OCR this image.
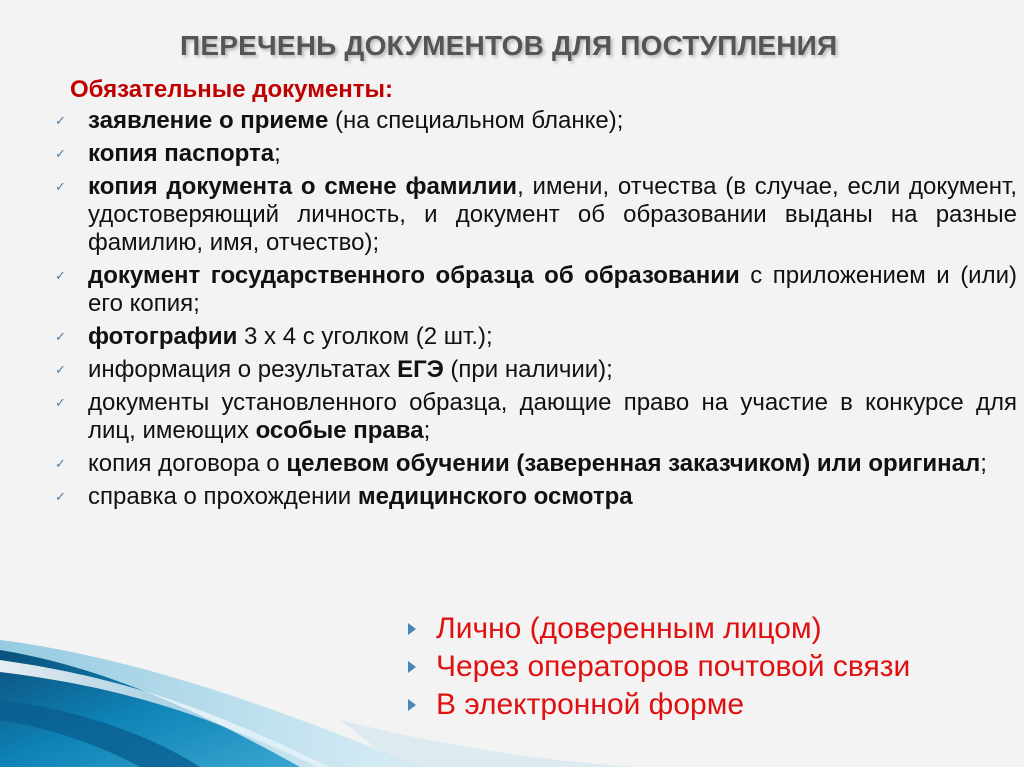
ПЕРЕЧЕНЬ ДОКУМЕНТОВ ДЛЯ ПОСТУПЛЕНИЯ
Обязательные документы:
✓ заявление о приеме (на специальном бланке);
✓ копия паспорта;
✓ копия документа о смене фамилии, имени, отчества (в случае, если документ, удостоверяющий личность, и документ об образовании выданы на разные фамилию, имя, отчество);
✓ документ государственного образца об образовании с приложением и (или) его копия;
✓ фотографии 3 х 4 с уголком (2 шт.);
✓ информация о результатах ЕГЭ (при наличии);
✓ документы установленного образца, дающие право на участие в конкурсе для лиц, имеющих особые права;
✓ копия договора о целевом обучении (заверенная заказчиком) или оригинал;
✓ справка о прохождении медицинского осмотра
Лично (доверенным лицом)
Через операторов почтовой связи
В электронной форме
